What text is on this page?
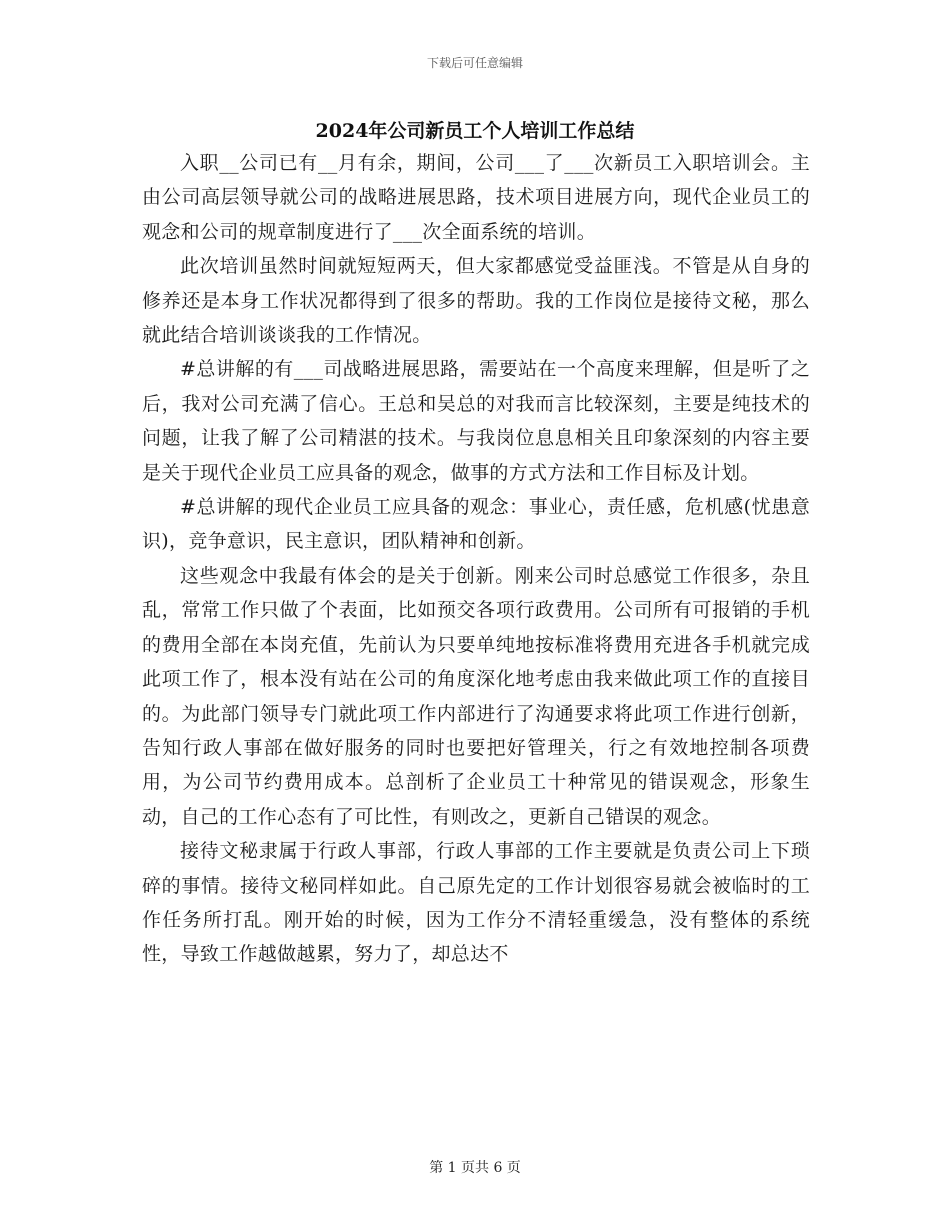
下载后可任意编辑
2024年公司新员工个人培训工作总结

入职__公司已有__月有余，期间，公司___了___次新员工入职培训会。主由公司高层领导就公司的战略进展思路，技术项目进展方向，现代企业员工的观念和公司的规章制度进行了___次全面系统的培训。

此次培训虽然时间就短短两天，但大家都感觉受益匪浅。不管是从自身的修养还是本身工作状况都得到了很多的帮助。我的工作岗位是接待文秘，那么就此结合培训谈谈我的工作情况。

#总讲解的有___司战略进展思路，需要站在一个高度来理解，但是听了之后，我对公司充满了信心。王总和吴总的对我而言比较深刻，主要是纯技术的问题，让我了解了公司精湛的技术。与我岗位息息相关且印象深刻的内容主要是关于现代企业员工应具备的观念，做事的方式方法和工作目标及计划。

#总讲解的现代企业员工应具备的观念：事业心，责任感，危机感(忧患意识)，竞争意识，民主意识，团队精神和创新。

这些观念中我最有体会的是关于创新。刚来公司时总感觉工作很多，杂且乱，常常工作只做了个表面，比如预交各项行政费用。公司所有可报销的手机的费用全部在本岗充值，先前认为只要单纯地按标准将费用充进各手机就完成此项工作了，根本没有站在公司的角度深化地考虑由我来做此项工作的直接目的。为此部门领导专门就此项工作内部进行了沟通要求将此项工作进行创新，告知行政人事部在做好服务的同时也要把好管理关，行之有效地控制各项费用，为公司节约费用成本。总剖析了企业员工十种常见的错误观念，形象生动，自己的工作心态有了可比性，有则改之，更新自己错误的观念。

接待文秘隶属于行政人事部，行政人事部的工作主要就是负责公司上下琐碎的事情。接待文秘同样如此。自己原先定的工作计划很容易就会被临时的工作任务所打乱。刚开始的时候，因为工作分不清轻重缓急，没有整体的系统性，导致工作越做越累，努力了，却总达不

第 1 页共 6 页
